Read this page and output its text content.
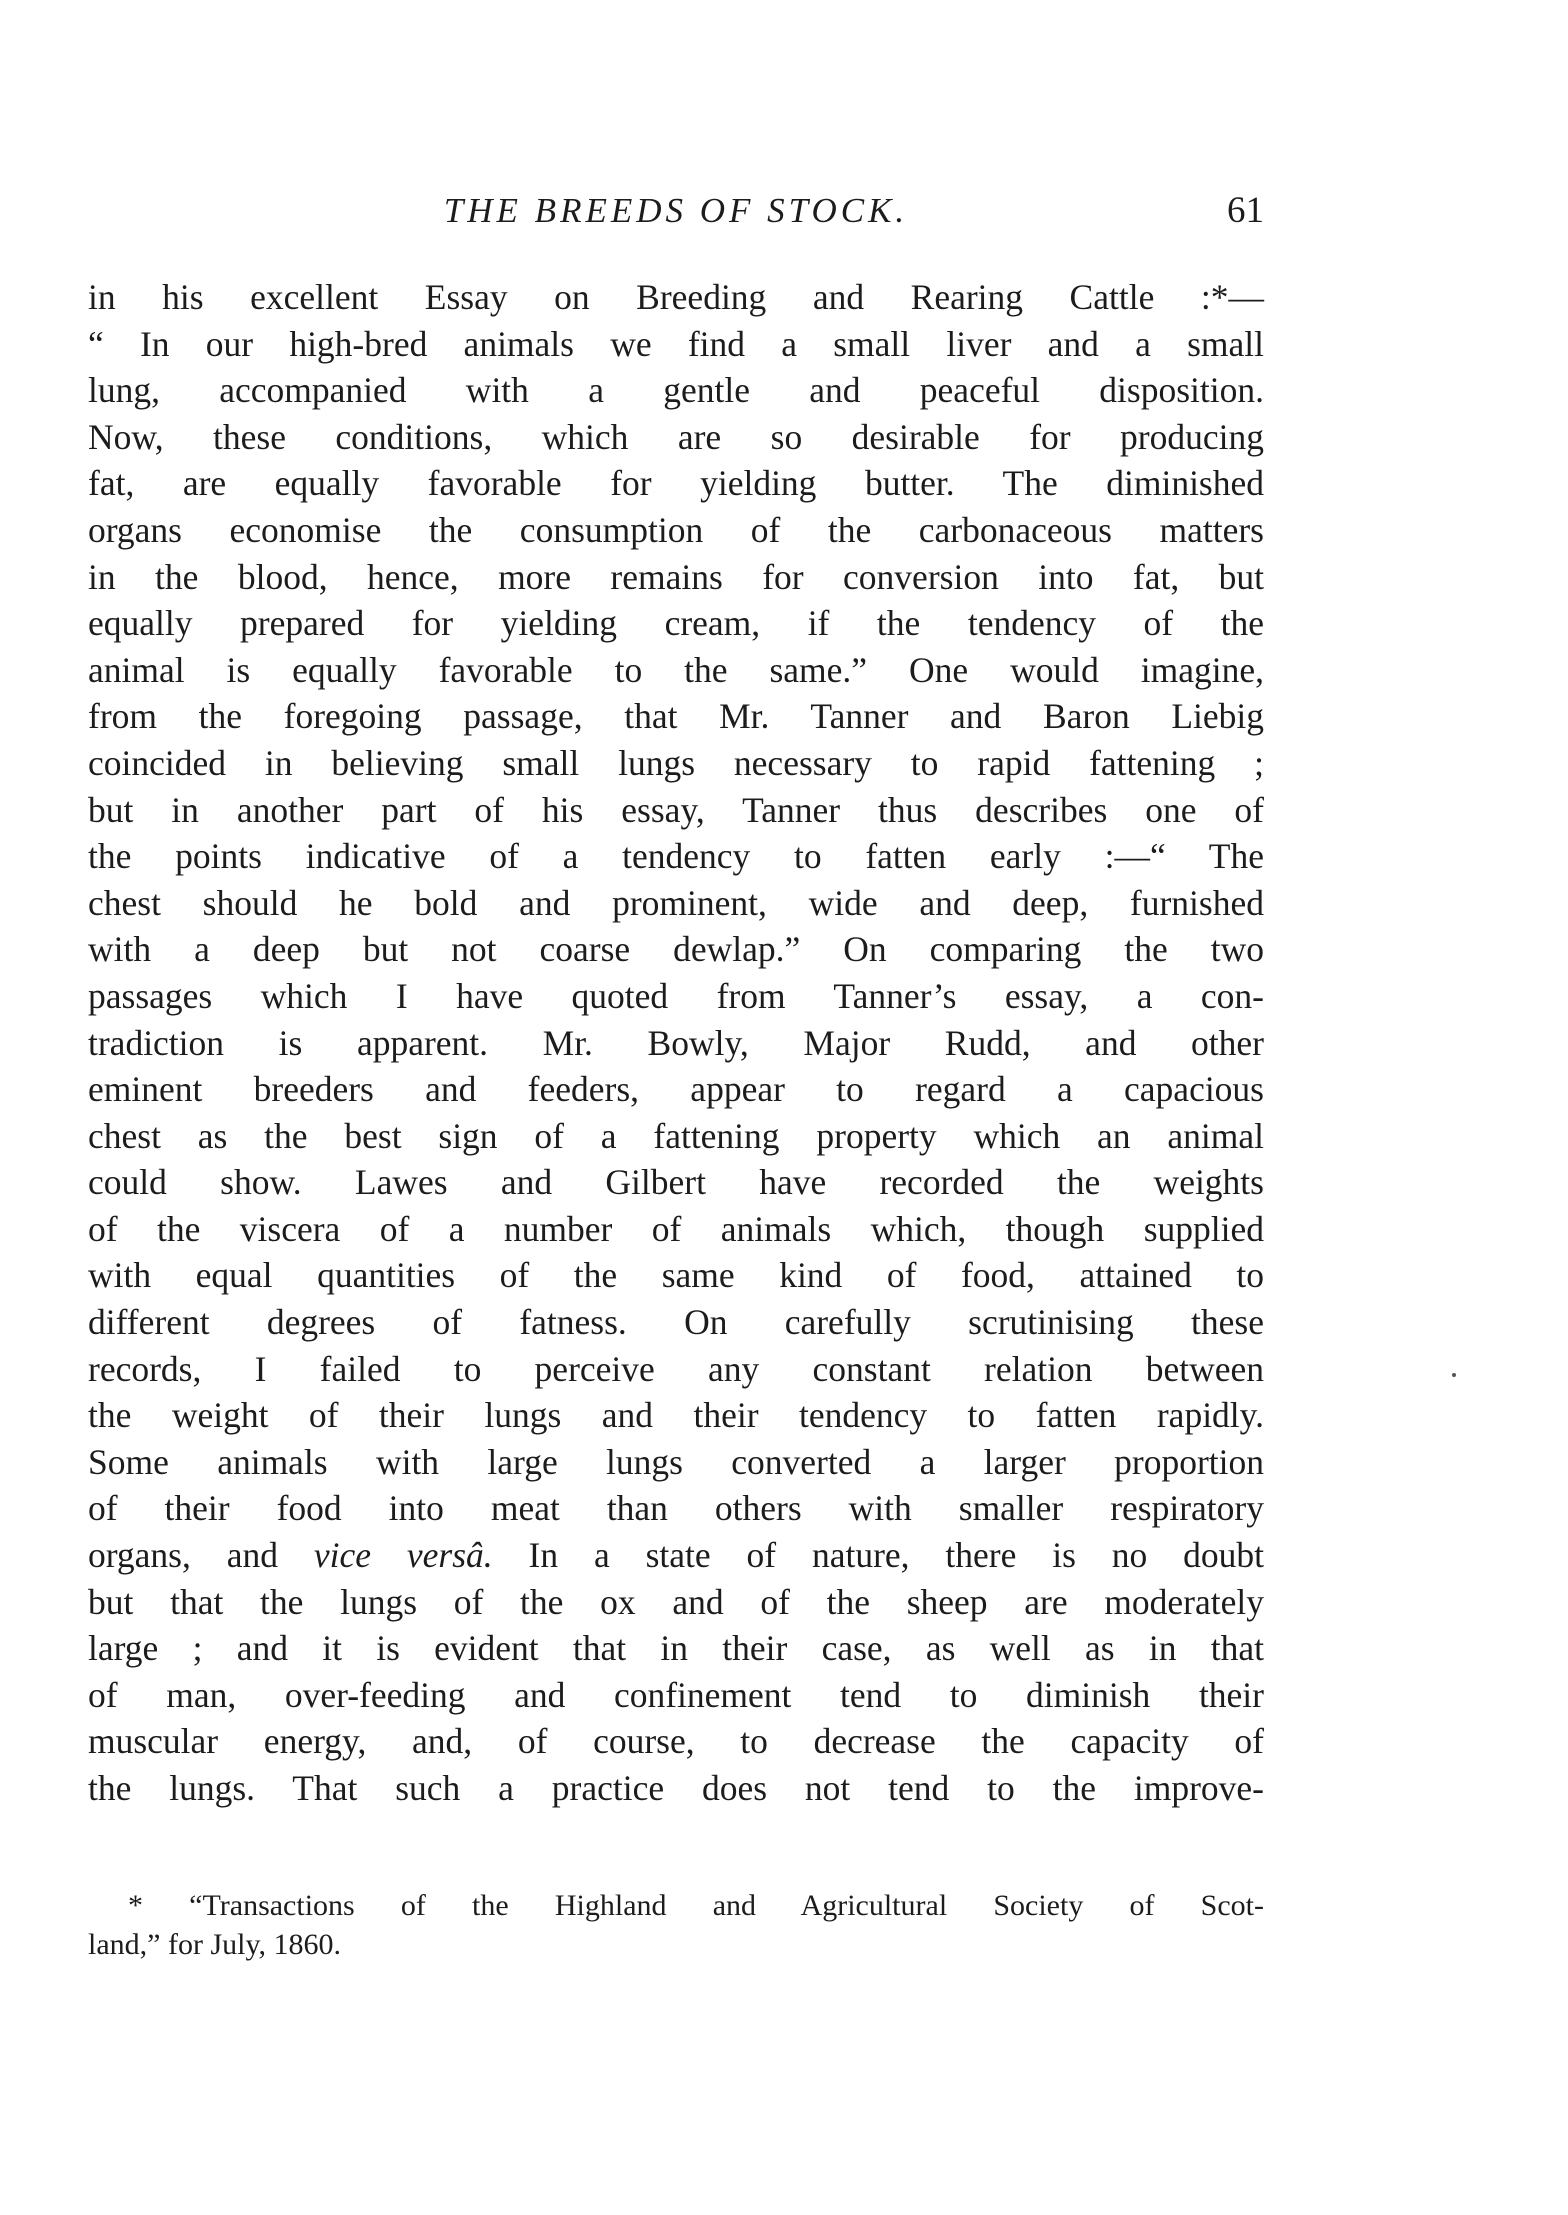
THE BREEDS OF STOCK.	61
in his excellent Essay on Breeding and Rearing Cattle :*—
“ In our high-bred animals we find a small liver and a small
lung, accompanied with a gentle and peaceful disposition.
Now, these conditions, which are so desirable for producing
fat, are equally favorable for yielding butter. The diminished
organs economise the consumption of the carbonaceous matters
in the blood, hence, more remains for conversion into fat, but
equally prepared for yielding cream, if the tendency of the
animal is equally favorable to the same.” One would imagine,
from the foregoing passage, that Mr. Tanner and Baron Liebig
coincided in believing small lungs necessary to rapid fattening ;
but in another part of his essay, Tanner thus describes one of
the points indicative of a tendency to fatten early :—“ The
chest should he bold and prominent, wide and deep, furnished
with a deep but not coarse dewlap.” On comparing the two
passages which I have quoted from Tanner’s essay, a con-
tradiction is apparent. Mr. Bowly, Major Rudd, and other
eminent breeders and feeders, appear to regard a capacious
chest as the best sign of a fattening property which an animal
could show. Lawes and Gilbert have recorded the weights
of the viscera of a number of animals which, though supplied
with equal quantities of the same kind of food, attained to
different degrees of fatness. On carefully scrutinising these
records, I failed to perceive any constant relation between
the weight of their lungs and their tendency to fatten rapidly.
Some animals with large lungs converted a larger proportion
of their food into meat than others with smaller respiratory
organs, and vice versâ. In a state of nature, there is no doubt
but that the lungs of the ox and of the sheep are moderately
large ; and it is evident that in their case, as well as in that
of man, over-feeding and confinement tend to diminish their
muscular energy, and, of course, to decrease the capacity of
the lungs. That such a practice does not tend to the improve-
* “Transactions of the Highland and Agricultural Society of Scot-
land,” for July, 1860.
